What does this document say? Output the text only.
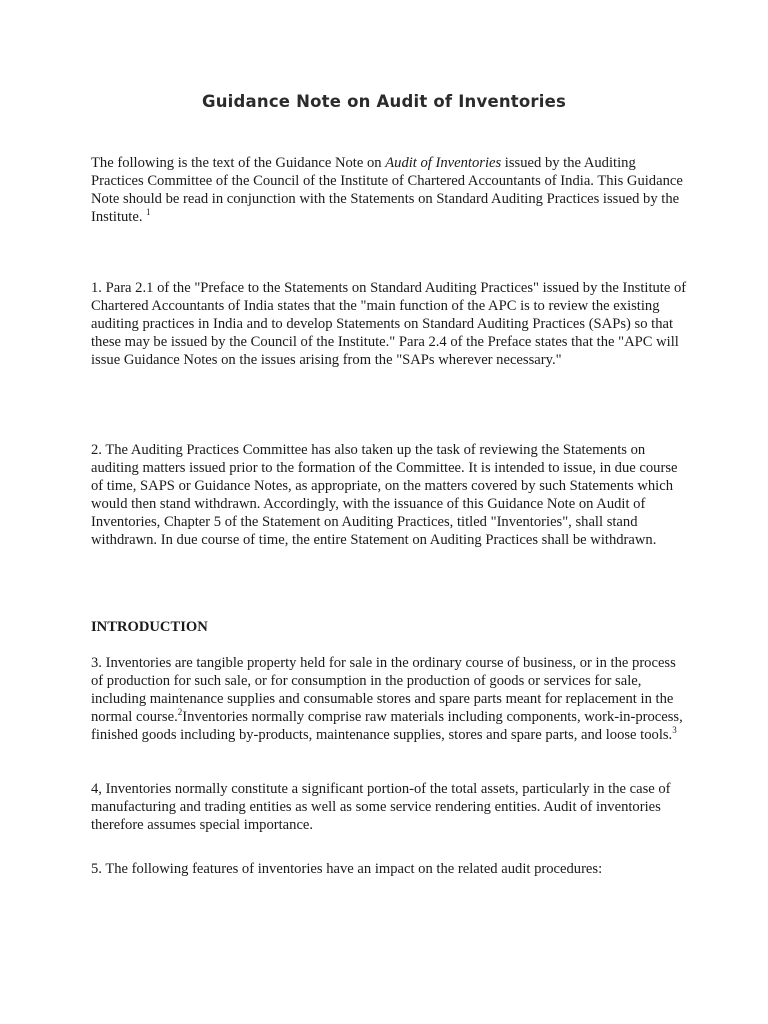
Guidance Note on Audit of Inventories
The following is the text of the Guidance Note on Audit of Inventories issued by the Auditing Practices Committee of the Council of the Institute of Chartered Accountants of India. This Guidance Note should be read in conjunction with the Statements on Standard Auditing Practices issued by the Institute. $^1$
1. Para 2.1 of the "Preface to the Statements on Standard Auditing Practices" issued by the Institute of Chartered Accountants of India states that the "main function of the APC is to review the existing auditing practices in India and to develop Statements on Standard Auditing Practices (SAPs) so that these may be issued by the Council of the Institute." Para 2.4 of the Preface states that the "APC will issue Guidance Notes on the issues arising from the "SAPs wherever necessary."
2. The Auditing Practices Committee has also taken up the task of reviewing the Statements on auditing matters issued prior to the formation of the Committee. It is intended to issue, in due course of time, SAPS or Guidance Notes, as appropriate, on the matters covered by such Statements which would then stand withdrawn. Accordingly, with the issuance of this Guidance Note on Audit of Inventories, Chapter 5 of the Statement on Auditing Practices, titled "Inventories", shall stand withdrawn. In due course of time, the entire Statement on Auditing Practices shall be withdrawn.
INTRODUCTION
3. Inventories are tangible property held for sale in the ordinary course of business, or in the process of production for such sale, or for consumption in the production of goods or services for sale, including maintenance supplies and consumable stores and spare parts meant for replacement in the normal course.$^2$Inventories normally comprise raw materials including components, work-in-process, finished goods including by-products, maintenance supplies, stores and spare parts, and loose tools.$^3$
4, Inventories normally constitute a significant portion-of the total assets, particularly in the case of manufacturing and trading entities as well as some service rendering entities. Audit of inventories therefore assumes special importance.
5. The following features of inventories have an impact on the related audit procedures:
